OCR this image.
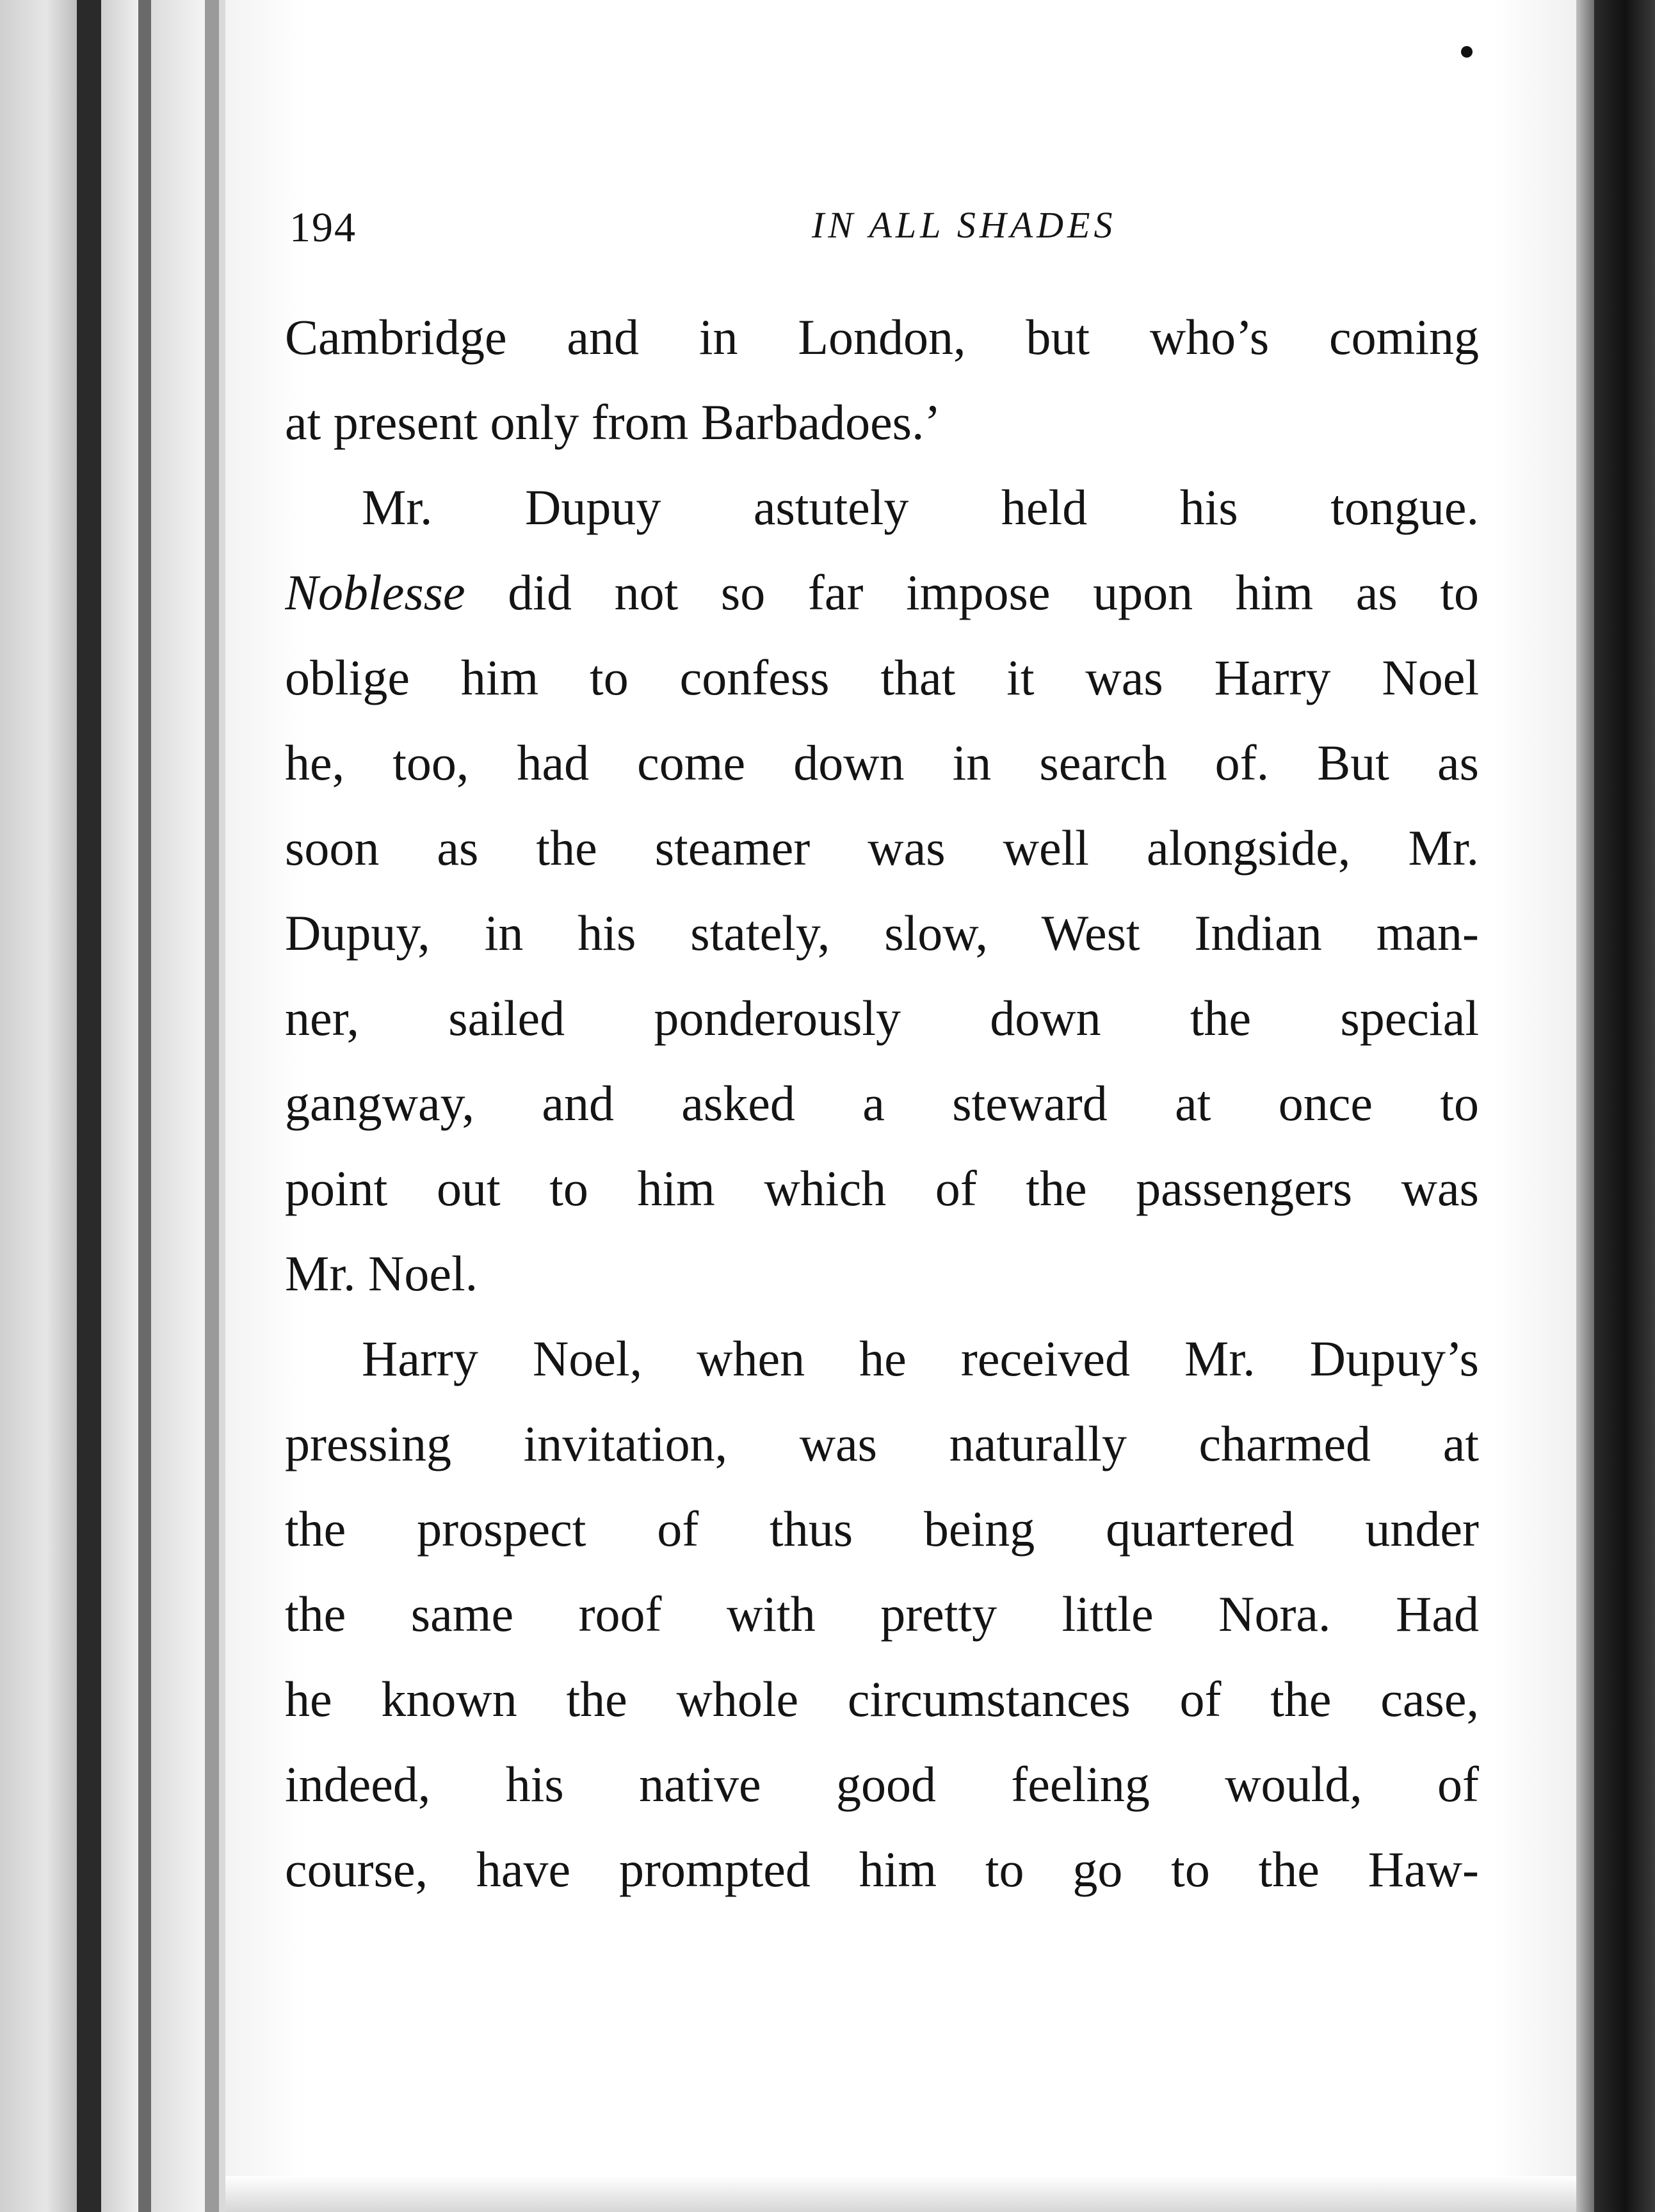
194	IN ALL SHADES
Cambridge and in London, but who’s coming
at present only from Barbadoes.’
Mr. Dupuy astutely held his tongue.
Noblesse did not so far impose upon him as to
oblige him to confess that it was Harry Noel
he, too, had come down in search of. But as
soon as the steamer was well alongside, Mr.
Dupuy, in his stately, slow, West Indian man-
ner, sailed ponderously down the special
gangway, and asked a steward at once to
point out to him which of the passengers was
Mr. Noel.
Harry Noel, when he received Mr. Dupuy’s
pressing invitation, was naturally charmed at
the prospect of thus being quartered under
the same roof with pretty little Nora. Had
he known the whole circumstances of the case,
indeed, his native good feeling would, of
course, have prompted him to go to the Haw-
